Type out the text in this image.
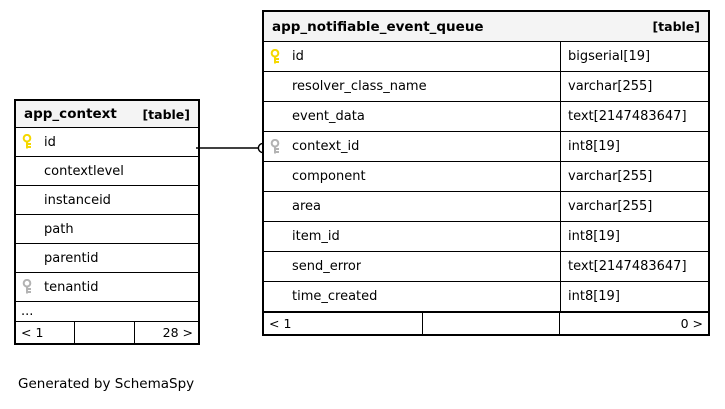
app_context [table]
id
contextlevel
instanceid
path
parentid
tenantid
...
< 1	28 >
app_notifiable_event_queue	[table]
id	bigserial[19]
resolver_class_name	varchar[255]
event_data	text[2147483647]
context_id	int8[19]
component	varchar[255]
area	varchar[255]
item_id	int8[19]
send_error	text[2147483647]
time_created	int8[19]
< 1	0 >
Generated by SchemaSpy
